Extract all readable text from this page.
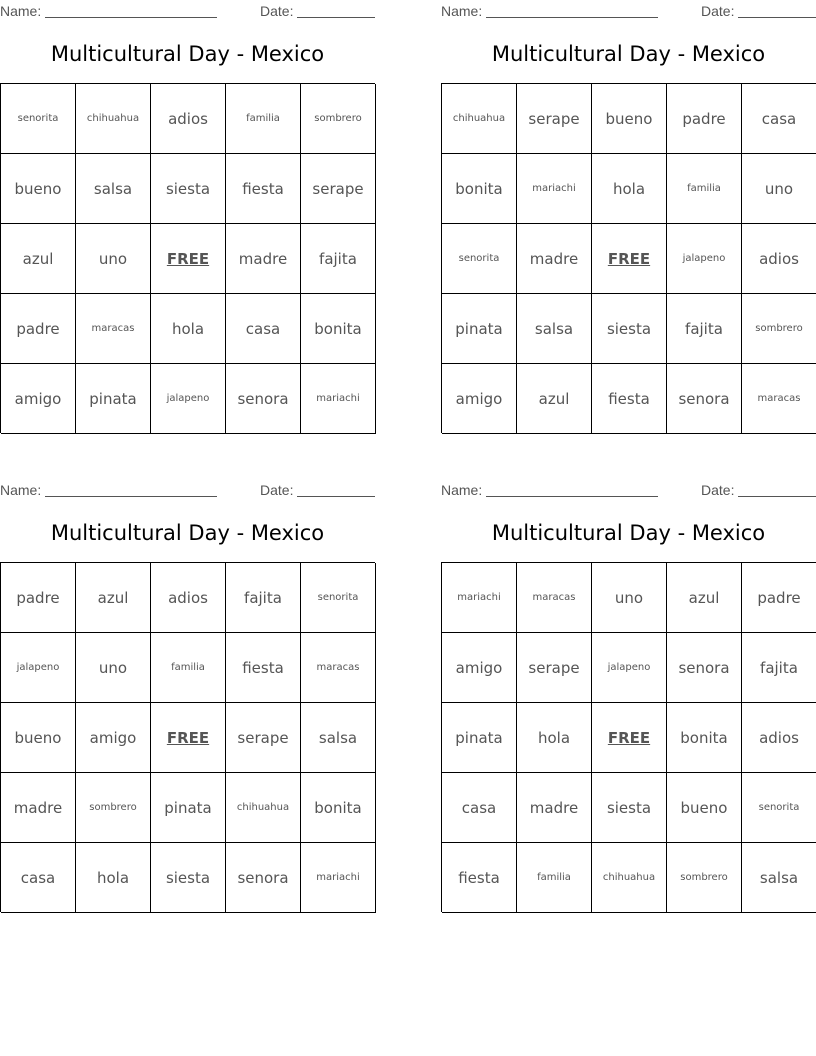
Name:	Date:
Multicultural Day - Mexico
senorita	chihuahua	adios	familia	sombrero
bueno	salsa	siesta	fiesta	serape
azul	uno	FREE	madre	fajita
padre	maracas	hola	casa	bonita
amigo	pinata	jalapeno	senora	mariachi
Name:	Date:
Multicultural Day - Mexico
chihuahua	serape	bueno	padre	casa
bonita	mariachi	hola	familia	uno
senorita	madre	FREE	jalapeno	adios
pinata	salsa	siesta	fajita	sombrero
amigo	azul	fiesta	senora	maracas
Name:	Date:
Multicultural Day - Mexico
padre	azul	adios	fajita	senorita
jalapeno	uno	familia	fiesta	maracas
bueno	amigo	FREE	serape	salsa
madre	sombrero	pinata	chihuahua	bonita
casa	hola	siesta	senora	mariachi
Name:	Date:
Multicultural Day - Mexico
mariachi	maracas	uno	azul	padre
amigo	serape	jalapeno	senora	fajita
pinata	hola	FREE	bonita	adios
casa	madre	siesta	bueno	senorita
fiesta	familia	chihuahua	sombrero	salsa
